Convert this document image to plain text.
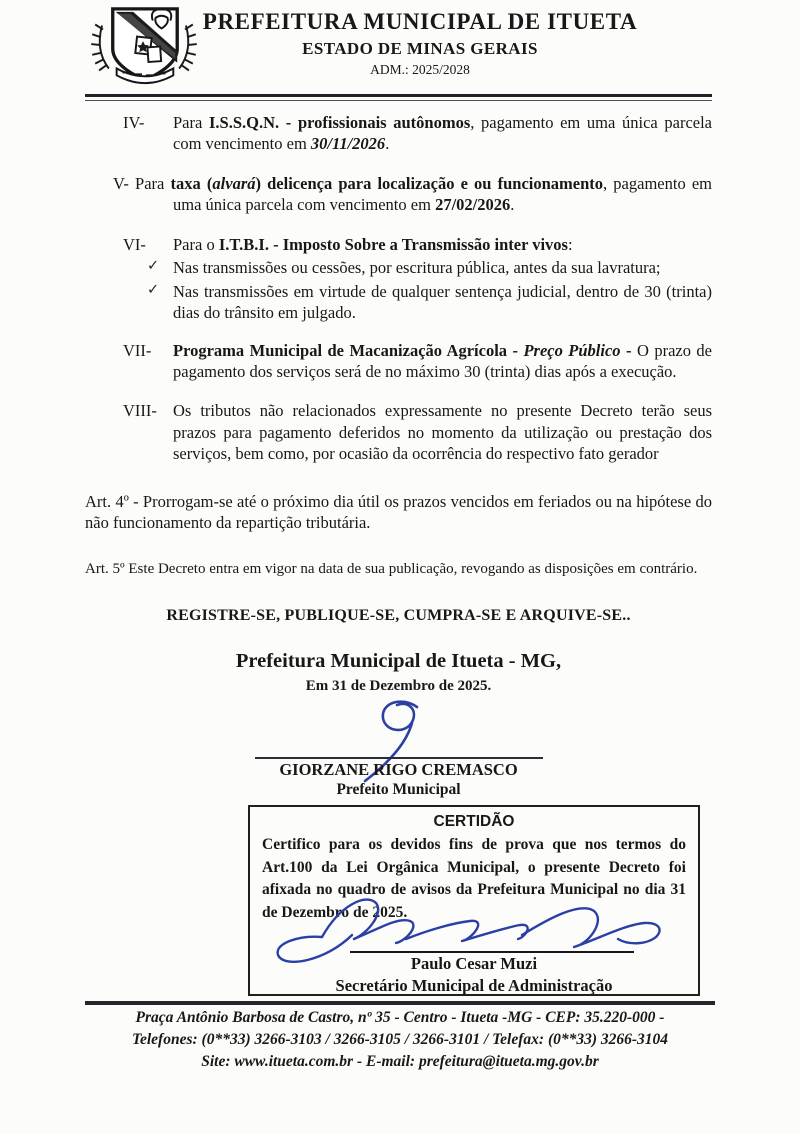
PREFEITURA MUNICIPAL DE ITUETA
ESTADO DE MINAS GERAIS
ADM.: 2025/2028
IV-	Para I.S.S.Q.N. - profissionais autônomos, pagamento em uma única parcela com vencimento em 30/11/2026.
V- Para taxa (alvará) delicença para localização e ou funcionamento, pagamento em uma única parcela com vencimento em 27/02/2026.
VI-	Para o I.T.B.I. - Imposto Sobre a Transmissão inter vivos:
✓ Nas transmissões ou cessões, por escritura pública, antes da sua lavratura;
✓ Nas transmissões em virtude de qualquer sentença judicial, dentro de 30 (trinta) dias do trânsito em julgado.
VII-	Programa Municipal de Macanização Agrícola - Preço Público - O prazo de pagamento dos serviços será de no máximo 30 (trinta) dias após a execução.
VIII- Os tributos não relacionados expressamente no presente Decreto terão seus prazos para pagamento deferidos no momento da utilização ou prestação dos serviços, bem como, por ocasião da ocorrência do respectivo fato gerador
Art. 4º - Prorrogam-se até o próximo dia útil os prazos vencidos em feriados ou na hipótese do não funcionamento da repartição tributária.
Art. 5º Este Decreto entra em vigor na data de sua publicação, revogando as disposições em contrário.
REGISTRE-SE, PUBLIQUE-SE, CUMPRA-SE E ARQUIVE-SE..
Prefeitura Municipal de Itueta - MG,
Em 31 de Dezembro de 2025.
GIORZANE RIGO CREMASCO
Prefeito Municipal
CERTIDÃO
Certifico para os devidos fins de prova que nos termos do Art.100 da Lei Orgânica Municipal, o presente Decreto foi afixada no quadro de avisos da Prefeitura Municipal no dia 31 de Dezembro de 2025.
Paulo Cesar Muzi
Secretário Municipal de Administração
Praça Antônio Barbosa de Castro, nº 35 - Centro - Itueta -MG - CEP: 35.220-000 -
Telefones: (0**33) 3266-3103 / 3266-3105 / 3266-3101 / Telefax: (0**33) 3266-3104
Site: www.itueta.com.br - E-mail: prefeitura@itueta.mg.gov.br
